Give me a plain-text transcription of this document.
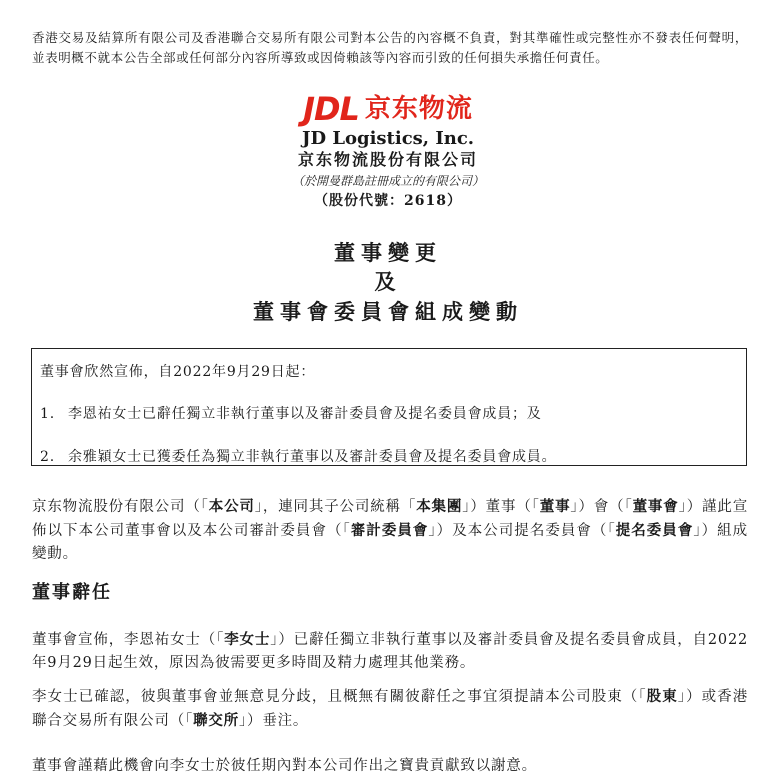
香港交易及結算所有限公司及香港聯合交易所有限公司對本公告的內容概不負責，對其準確性或完整性亦不發表任何聲明，並表明概不就本公告全部或任何部分內容所導致或因倚賴該等內容而引致的任何損失承擔任何責任。
JDL 京东物流
JD Logistics, Inc.
京东物流股份有限公司
（於開曼群島註冊成立的有限公司）
（股份代號：2618）
董事變更
及
董事會委員會組成變動
董事會欣然宣佈，自2022年9月29日起：
1. 李恩祐女士已辭任獨立非執行董事以及審計委員會及提名委員會成員；及
2. 余雅穎女士已獲委任為獨立非執行董事以及審計委員會及提名委員會成員。
京东物流股份有限公司（「本公司」，連同其子公司統稱「本集團」）董事（「董事」）會（「董事會」）謹此宣佈以下本公司董事會以及本公司審計委員會（「審計委員會」）及本公司提名委員會（「提名委員會」）組成變動。
董事辭任
董事會宣佈，李恩祐女士（「李女士」）已辭任獨立非執行董事以及審計委員會及提名委員會成員，自2022年9月29日起生效，原因為彼需要更多時間及精力處理其他業務。
李女士已確認，彼與董事會並無意見分歧，且概無有關彼辭任之事宜須提請本公司股東（「股東」）或香港聯合交易所有限公司（「聯交所」）垂注。
董事會謹藉此機會向李女士於彼任期內對本公司作出之寶貴貢獻致以謝意。
